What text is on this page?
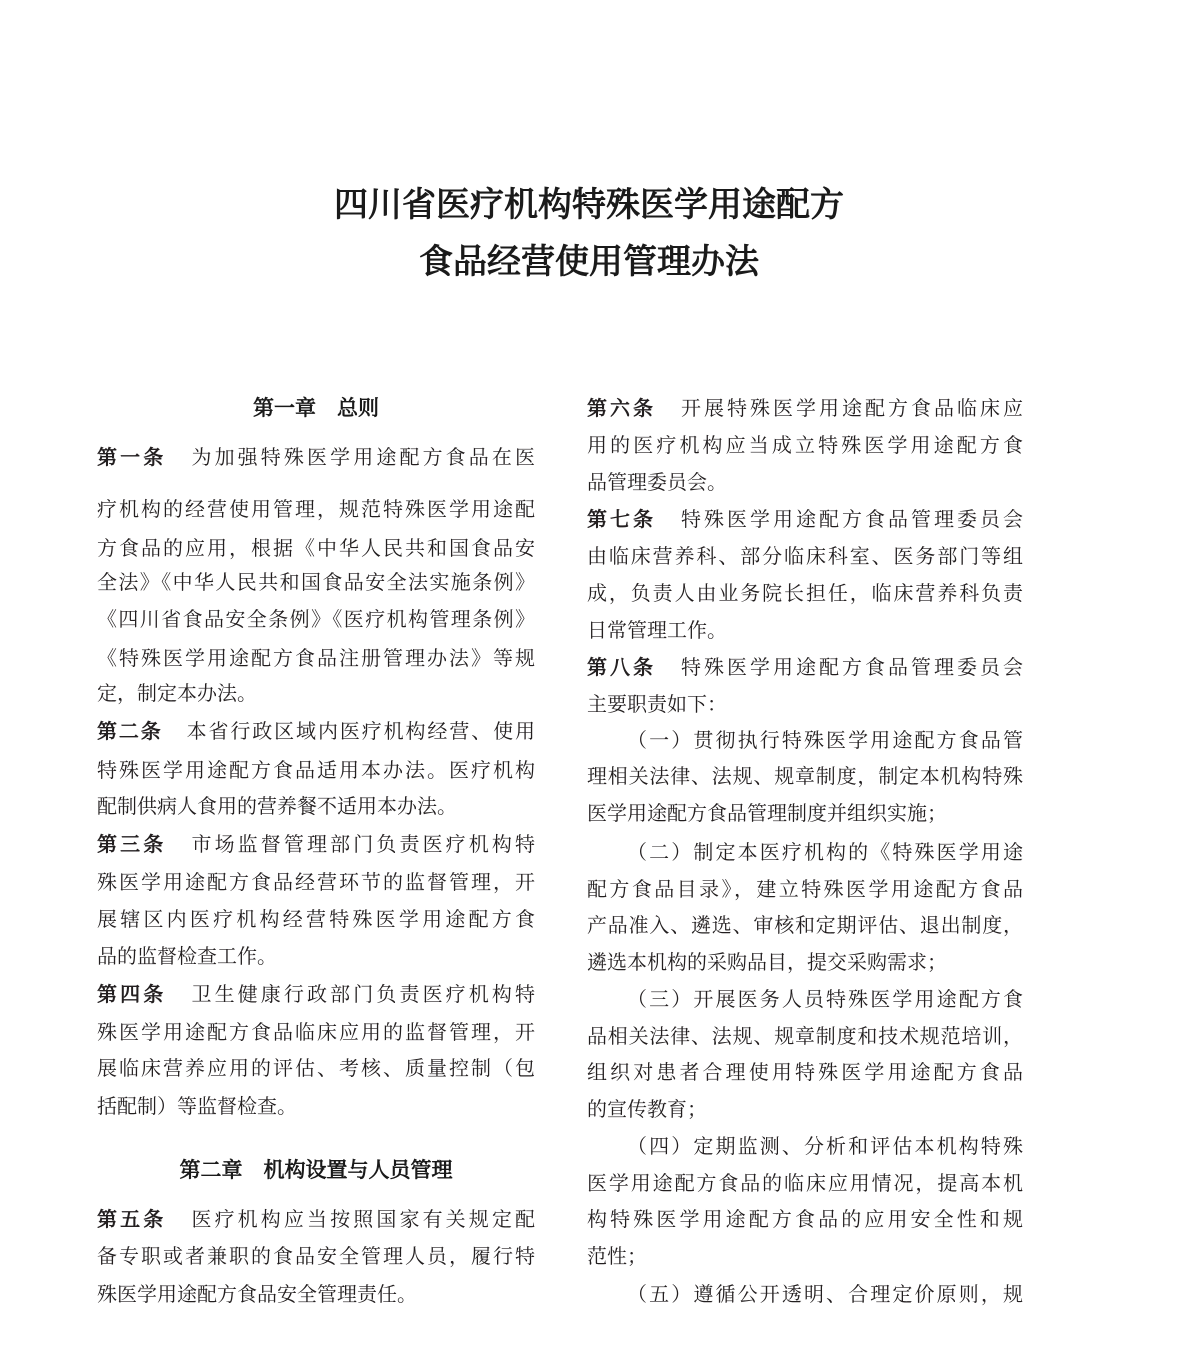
四川省医疗机构特殊医学用途配方
食品经营使用管理办法
第一章　总则
第一条 为加强特殊医学用途配方食品在医
疗机构的经营使用管理，规范特殊医学用途配
方食品的应用，根据《中华人民共和国食品安
全法》《中华人民共和国食品安全法实施条例》
《四川省食品安全条例》《医疗机构管理条例》
《特殊医学用途配方食品注册管理办法》等规
定，制定本办法。
第二条 本省行政区域内医疗机构经营、使用
特殊医学用途配方食品适用本办法。医疗机构
配制供病人食用的营养餐不适用本办法。
第三条 市场监督管理部门负责医疗机构特
殊医学用途配方食品经营环节的监督管理，开
展辖区内医疗机构经营特殊医学用途配方食
品的监督检查工作。
第四条 卫生健康行政部门负责医疗机构特
殊医学用途配方食品临床应用的监督管理，开
展临床营养应用的评估、考核、质量控制（包
括配制）等监督检查。
第二章　机构设置与人员管理
第五条 医疗机构应当按照国家有关规定配
备专职或者兼职的食品安全管理人员，履行特
殊医学用途配方食品安全管理责任。
第六条 开展特殊医学用途配方食品临床应
用的医疗机构应当成立特殊医学用途配方食
品管理委员会。
第七条 特殊医学用途配方食品管理委员会
由临床营养科、部分临床科室、医务部门等组
成，负责人由业务院长担任，临床营养科负责
日常管理工作。
第八条 特殊医学用途配方食品管理委员会
主要职责如下：
（一）贯彻执行特殊医学用途配方食品管
理相关法律、法规、规章制度，制定本机构特殊
医学用途配方食品管理制度并组织实施；
（二）制定本医疗机构的《特殊医学用途
配方食品目录》，建立特殊医学用途配方食品
产品准入、遴选、审核和定期评估、退出制度，
遴选本机构的采购品目，提交采购需求；
（三）开展医务人员特殊医学用途配方食
品相关法律、法规、规章制度和技术规范培训，
组织对患者合理使用特殊医学用途配方食品
的宣传教育；
（四）定期监测、分析和评估本机构特殊
医学用途配方食品的临床应用情况，提高本机
构特殊医学用途配方食品的应用安全性和规
范性；
（五）遵循公开透明、合理定价原则，规
